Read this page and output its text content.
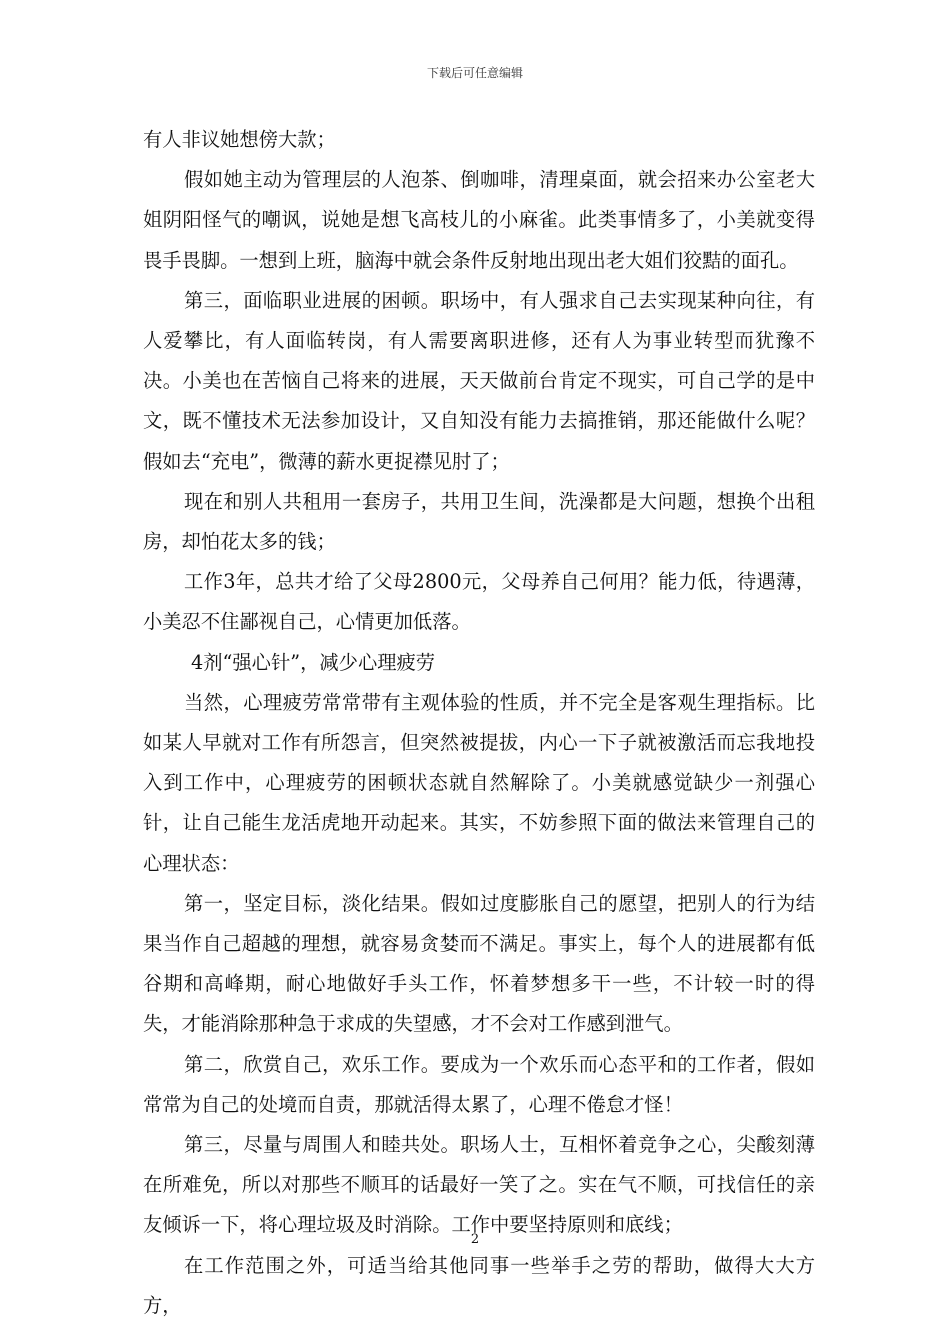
下载后可任意编辑

有人非议她想傍大款；

假如她主动为管理层的人泡茶、倒咖啡，清理桌面，就会招来办公室老大姐阴阳怪气的嘲讽，说她是想飞高枝儿的小麻雀。此类事情多了，小美就变得畏手畏脚。一想到上班，脑海中就会条件反射地出现出老大姐们狡黠的面孔。

第三，面临职业进展的困顿。职场中，有人强求自己去实现某种向往，有人爱攀比，有人面临转岗，有人需要离职进修，还有人为事业转型而犹豫不决。小美也在苦恼自己将来的进展，天天做前台肯定不现实，可自己学的是中文，既不懂技术无法参加设计，又自知没有能力去搞推销，那还能做什么呢？假如去“充电”，微薄的薪水更捉襟见肘了；

现在和别人共租用一套房子，共用卫生间，洗澡都是大问题，想换个出租房，却怕花太多的钱；

工作3年，总共才给了父母2800元，父母养自己何用？能力低，待遇薄，小美忍不住鄙视自己，心情更加低落。

4剂“强心针”，减少心理疲劳

当然，心理疲劳常常带有主观体验的性质，并不完全是客观生理指标。比如某人早就对工作有所怨言，但突然被提拔，内心一下子就被激活而忘我地投入到工作中，心理疲劳的困顿状态就自然解除了。小美就感觉缺少一剂强心针，让自己能生龙活虎地开动起来。其实，不妨参照下面的做法来管理自己的心理状态：

第一，坚定目标，淡化结果。假如过度膨胀自己的愿望，把别人的行为结果当作自己超越的理想，就容易贪婪而不满足。事实上，每个人的进展都有低谷期和高峰期，耐心地做好手头工作，怀着梦想多干一些，不计较一时的得失，才能消除那种急于求成的失望感，才不会对工作感到泄气。

第二，欣赏自己，欢乐工作。要成为一个欢乐而心态平和的工作者，假如常常为自己的处境而自责，那就活得太累了，心理不倦怠才怪！

第三，尽量与周围人和睦共处。职场人士，互相怀着竞争之心，尖酸刻薄在所难免，所以对那些不顺耳的话最好一笑了之。实在气不顺，可找信任的亲友倾诉一下，将心理垃圾及时消除。工作中要坚持原则和底线；

在工作范围之外，可适当给其他同事一些举手之劳的帮助，做得大大方方，

2
